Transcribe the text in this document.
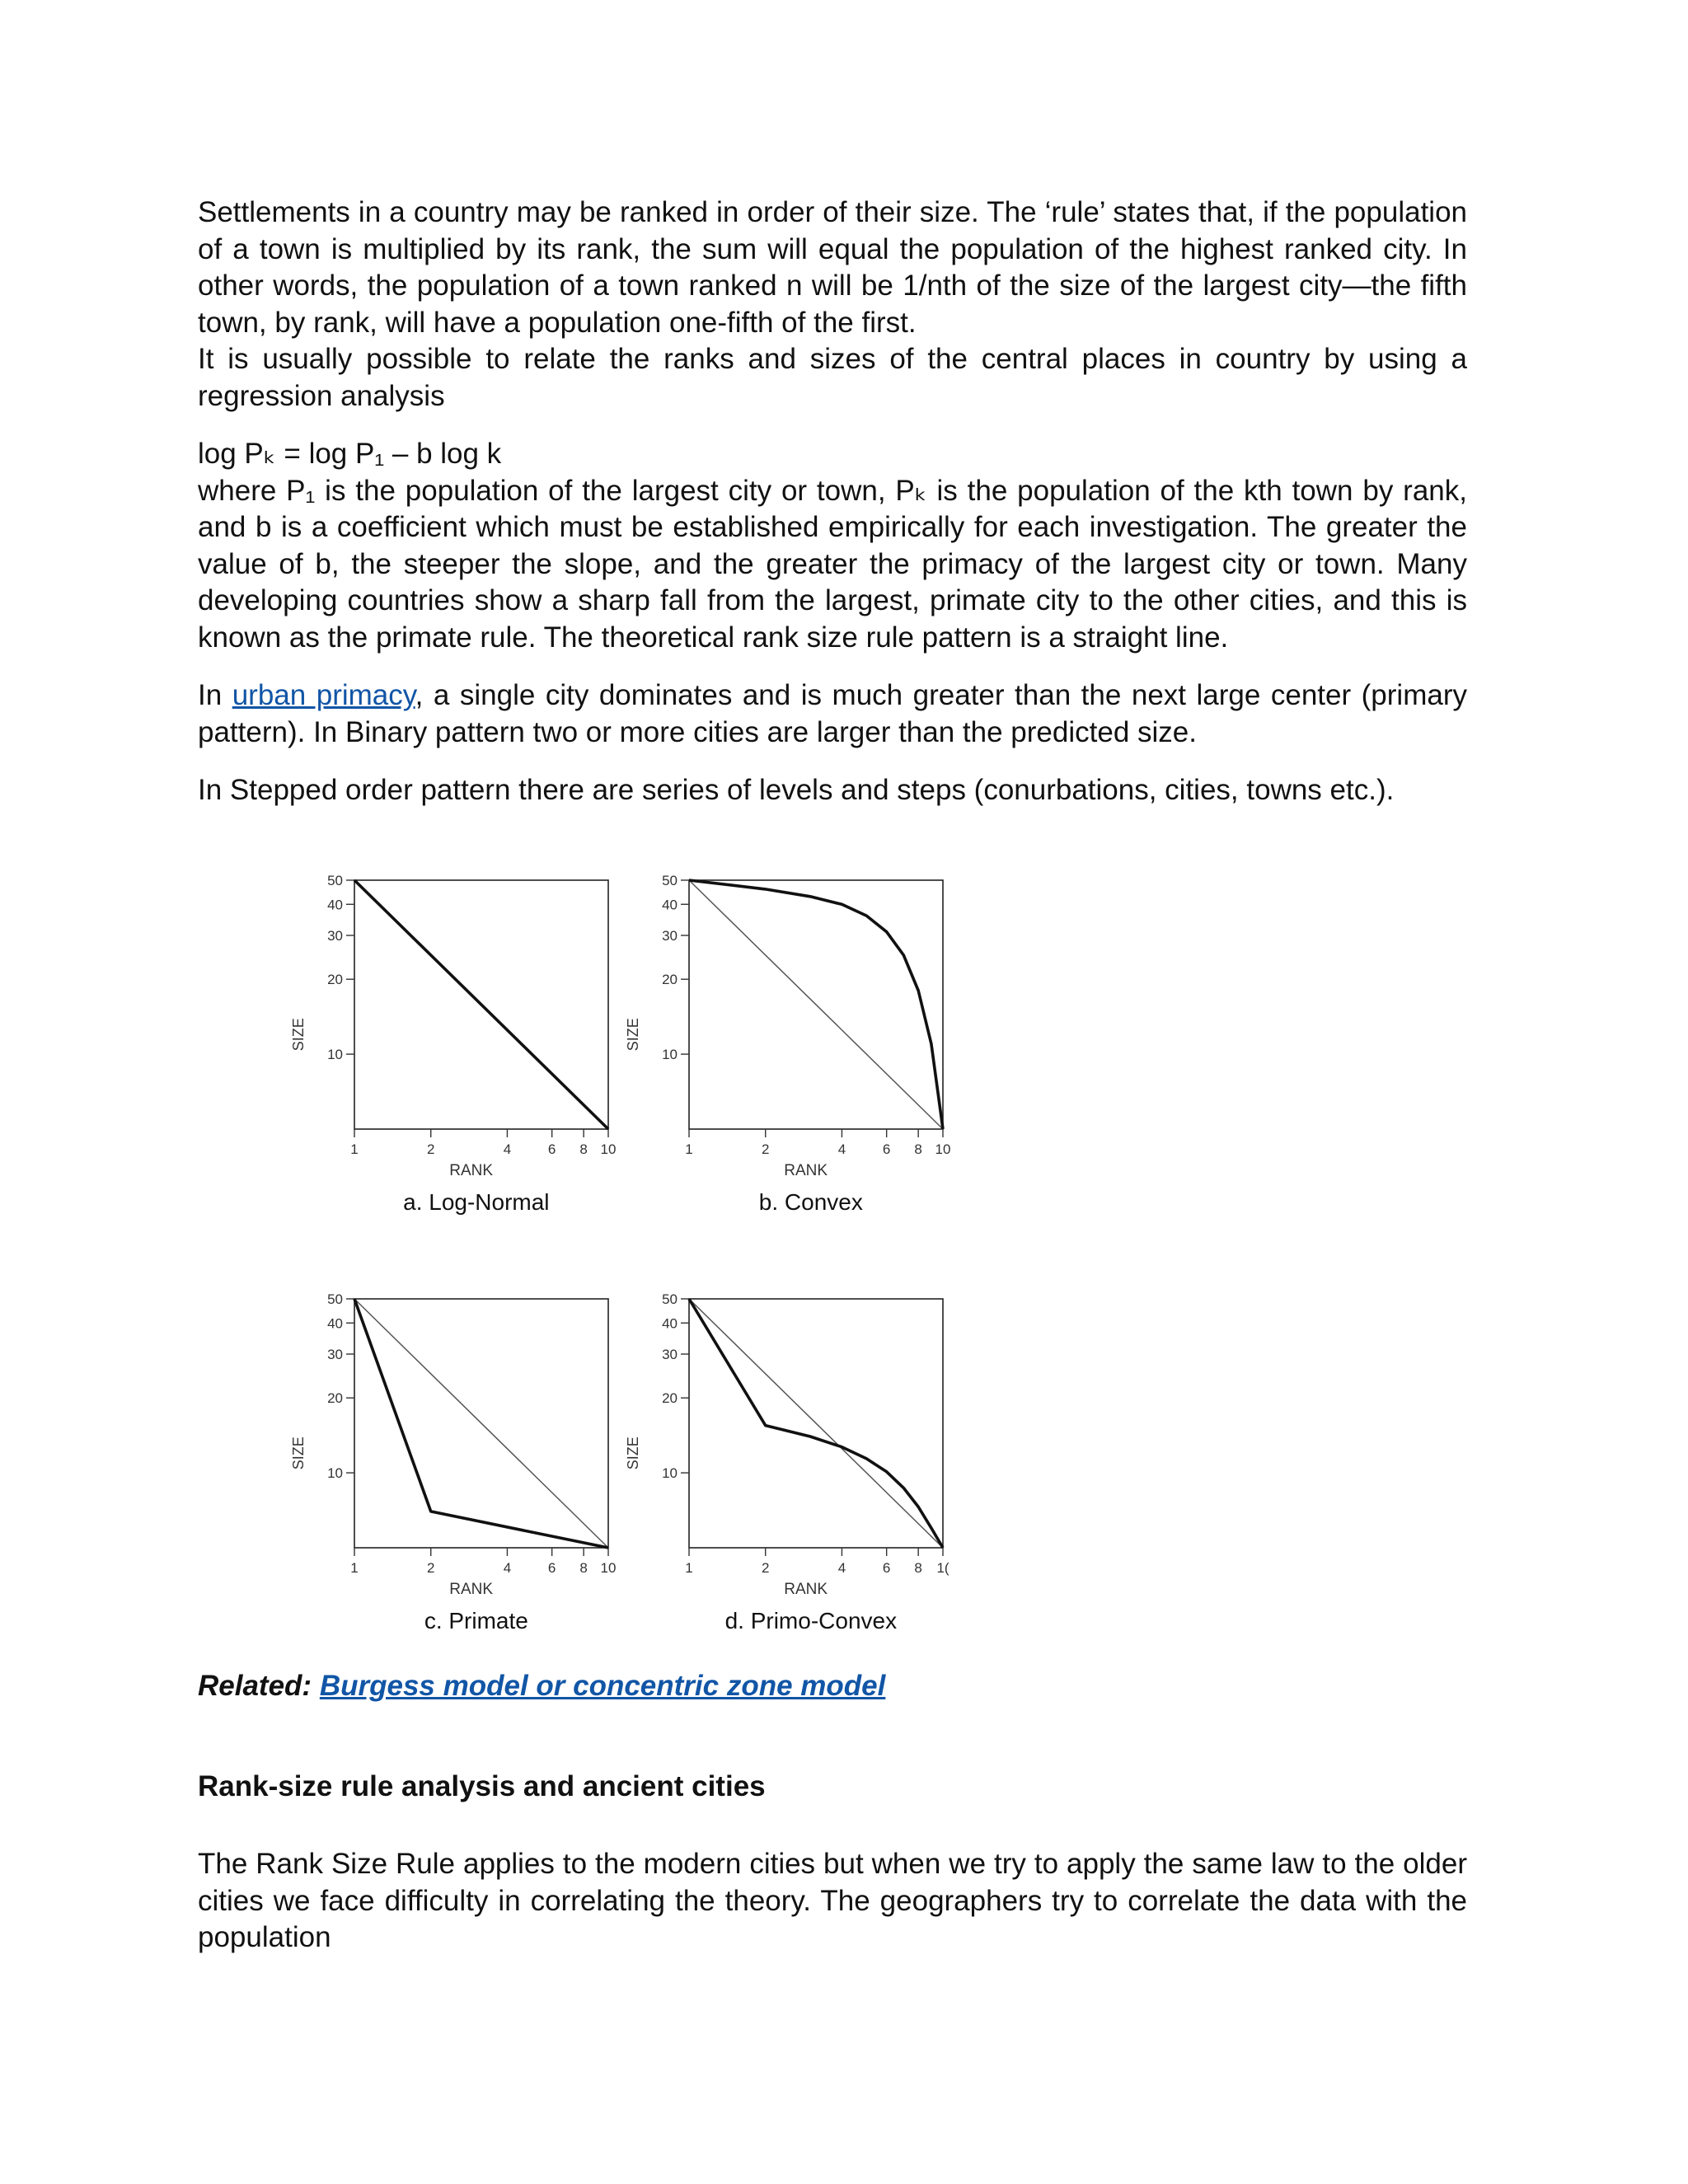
Settlements in a country may be ranked in order of their size. The ‘rule’ states that, if the population of a town is multiplied by its rank, the sum will equal the population of the highest ranked city. In other words, the population of a town ranked n will be 1/nth of the size of the largest city—the fifth town, by rank, will have a population one-fifth of the first.

It is usually possible to relate the ranks and sizes of the central places in country by using a regression analysis

log Pₖ = log P₁ – b log k

where P₁ is the population of the largest city or town, Pₖ is the population of the kth town by rank, and b is a coefficient which must be established empirically for each investigation. The greater the value of b, the steeper the slope, and the greater the primacy of the largest city or town. Many developing countries show a sharp fall from the largest, primate city to the other cities, and this is known as the primate rule. The theoretical rank size rule pattern is a straight line.

In urban primacy, a single city dominates and is much greater than the next large center (primary pattern). In Binary pattern two or more cities are larger than the predicted size.

In Stepped order pattern there are series of levels and steps (conurbations, cities, towns etc.).

10
20
30
40
50
1	2	4	6 8 10
RANK
SIZE
a. Log-Normal
10
20
30
40
50
1	2	4	6 8 10
RANK
SIZE
b. Convex
10
20
30
40
50
1	2	4	6 8 10
RANK
SIZE
c. Primate
10
20
30
40
50
1	2	4	6 8 1(
RANK
SIZE
d. Primo-Convex
Related: Burgess model or concentric zone model
Rank-size rule analysis and ancient cities

The Rank Size Rule applies to the modern cities but when we try to apply the same law to the older cities we face difficulty in correlating the theory. The geographers try to correlate the data with the population
